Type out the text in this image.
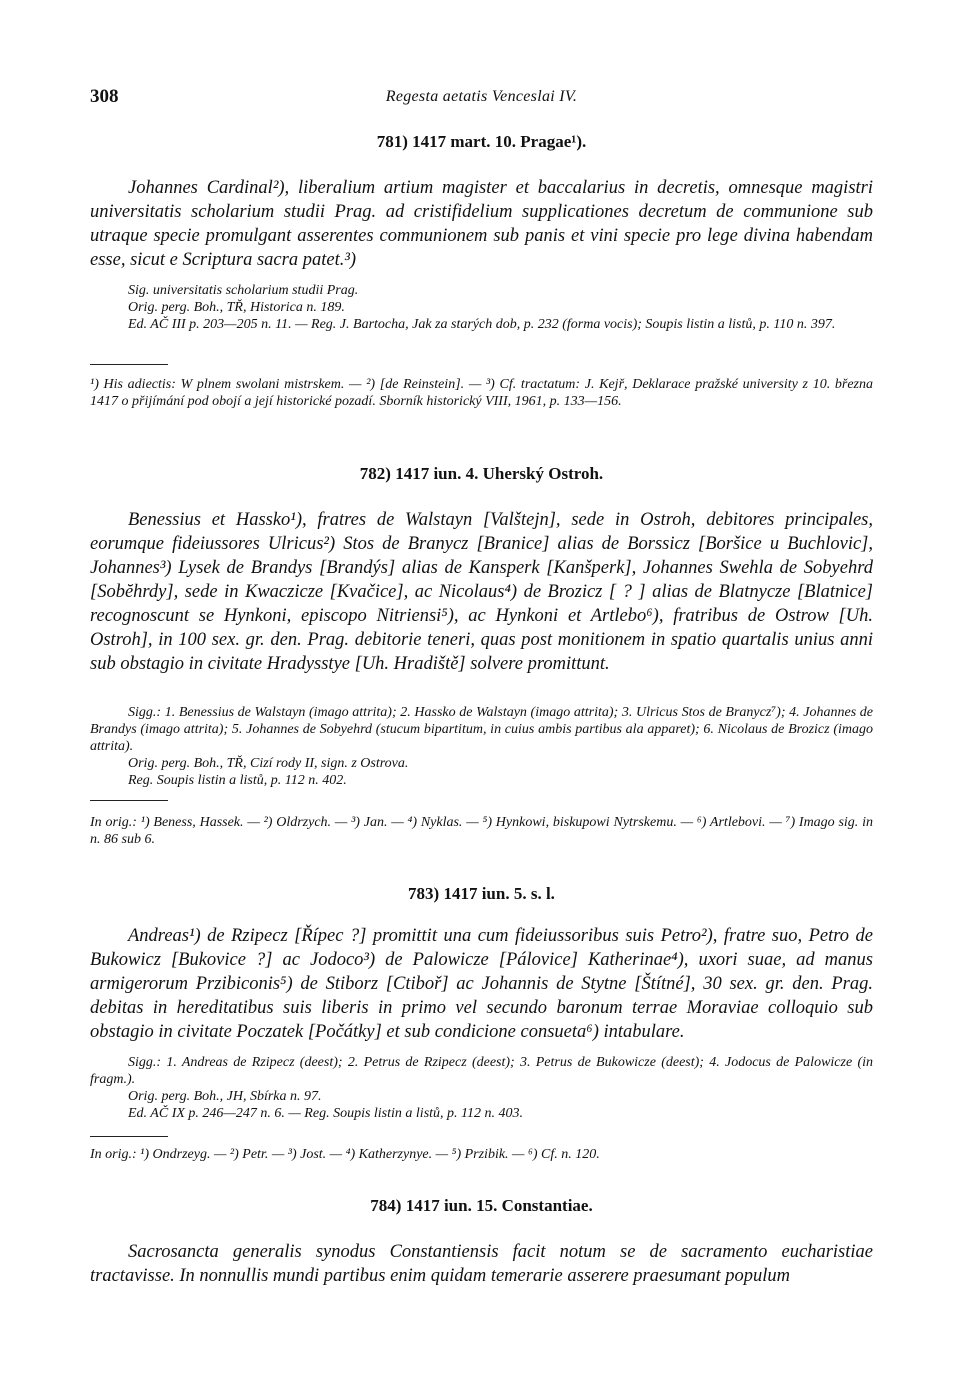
308	Regesta aetatis Venceslai IV.
781) 1417 mart. 10. Pragae¹).

Johannes Cardinal²), liberalium artium magister et baccalarius in decretis, omnesque magistri universitatis scholarium studii Prag. ad cristifidelium supplicationes decretum de communione sub utraque specie promulgant asserentes communionem sub panis et vini specie pro lege divina habendam esse, sicut e Scriptura sacra patet.³)

Sig. universitatis scholarium studii Prag.
Orig. perg. Boh., TŘ, Historica n. 189.
Ed. AČ III p. 203—205 n. 11. — Reg. J. Bartocha, Jak za starých dob, p. 232 (forma vocis); Soupis listin a listů, p. 110 n. 397.

¹) His adiectis: W plnem swolani mistrskem. — ²) [de Reinstein]. — ³) Cf. tractatum: J. Kejř, Deklarace pražské university z 10. března 1417 o přijímání pod obojí a její historické pozadí. Sborník historický VIII, 1961, p. 133—156.

782) 1417 iun. 4. Uherský Ostroh.

Benessius et Hassko¹), fratres de Walstayn [Valštejn], sede in Ostroh, debitores principales, eorumque fideiussores Ulricus²) Stos de Branycz [Branice] alias de Borssicz [Boršice u Buchlovic], Johannes³) Lysek de Brandys [Brandýs] alias de Kansperk [Kanšperk], Johannes Swehla de Sobyehrd [Sobĕhrdy], sede in Kwaczicze [Kvačice], ac Nicolaus⁴) de Brozicz [ ? ] alias de Blatnycze [Blatnice] recognoscunt se Hynkoni, episcopo Nitriensi⁵), ac Hynkoni et Artlebo⁶), fratribus de Ostrow [Uh. Ostroh], in 100 sex. gr. den. Prag. debitorie teneri, quas post monitionem in spatio quartalis unius anni sub obstagio in civitate Hradysstye [Uh. Hradiště] solvere promittunt.

Sigg.: 1. Benessius de Walstayn (imago attrita); 2. Hassko de Walstayn (imago attrita); 3. Ulricus Stos de Branycz⁷); 4. Johannes de Brandys (imago attrita); 5. Johannes de Sobyehrd (stucum bipartitum, in cuius ambis partibus ala apparet); 6. Nicolaus de Brozicz (imago attrita).
Orig. perg. Boh., TŘ, Cizí rody II, sign. z Ostrova.
Reg. Soupis listin a listů, p. 112 n. 402.

In orig.: ¹) Beness, Hassek. — ²) Oldrzych. — ³) Jan. — ⁴) Nyklas. — ⁵) Hynkowi, biskupowi Nytrskemu. — ⁶) Artlebovi. — ⁷) Imago sig. in n. 86 sub 6.

783) 1417 iun. 5. s. l.

Andreas¹) de Rzipecz [Řípec ?] promittit una cum fideiussoribus suis Petro²), fratre suo, Petro de Bukowicz [Bukovice ?] ac Jodoco³) de Palowicze [Pálovice] Katherinae⁴), uxori suae, ad manus armigerorum Przibiconis⁵) de Stiborz [Ctiboř] ac Johannis de Stytne [Štítné], 30 sex. gr. den. Prag. debitas in hereditatibus suis liberis in primo vel secundo baronum terrae Moraviae colloquio sub obstagio in civitate Poczatek [Počátky] et sub condicione consueta⁶) intabulare.

Sigg.: 1. Andreas de Rzipecz (deest); 2. Petrus de Rzipecz (deest); 3. Petrus de Bukowicze (deest); 4. Jodocus de Palowicze (in fragm.).
Orig. perg. Boh., JH, Sbírka n. 97.
Ed. AČ IX p. 246—247 n. 6. — Reg. Soupis listin a listů, p. 112 n. 403.

In orig.: ¹) Ondrzeyg. — ²) Petr. — ³) Jost. — ⁴) Katherzynye. — ⁵) Przibik. — ⁶) Cf. n. 120.

784) 1417 iun. 15. Constantiae.

Sacrosancta generalis synodus Constantiensis facit notum se de sacramento eucharistiae tractavisse. In nonnullis mundi partibus enim quidam temerarie asserere praesumant populum
